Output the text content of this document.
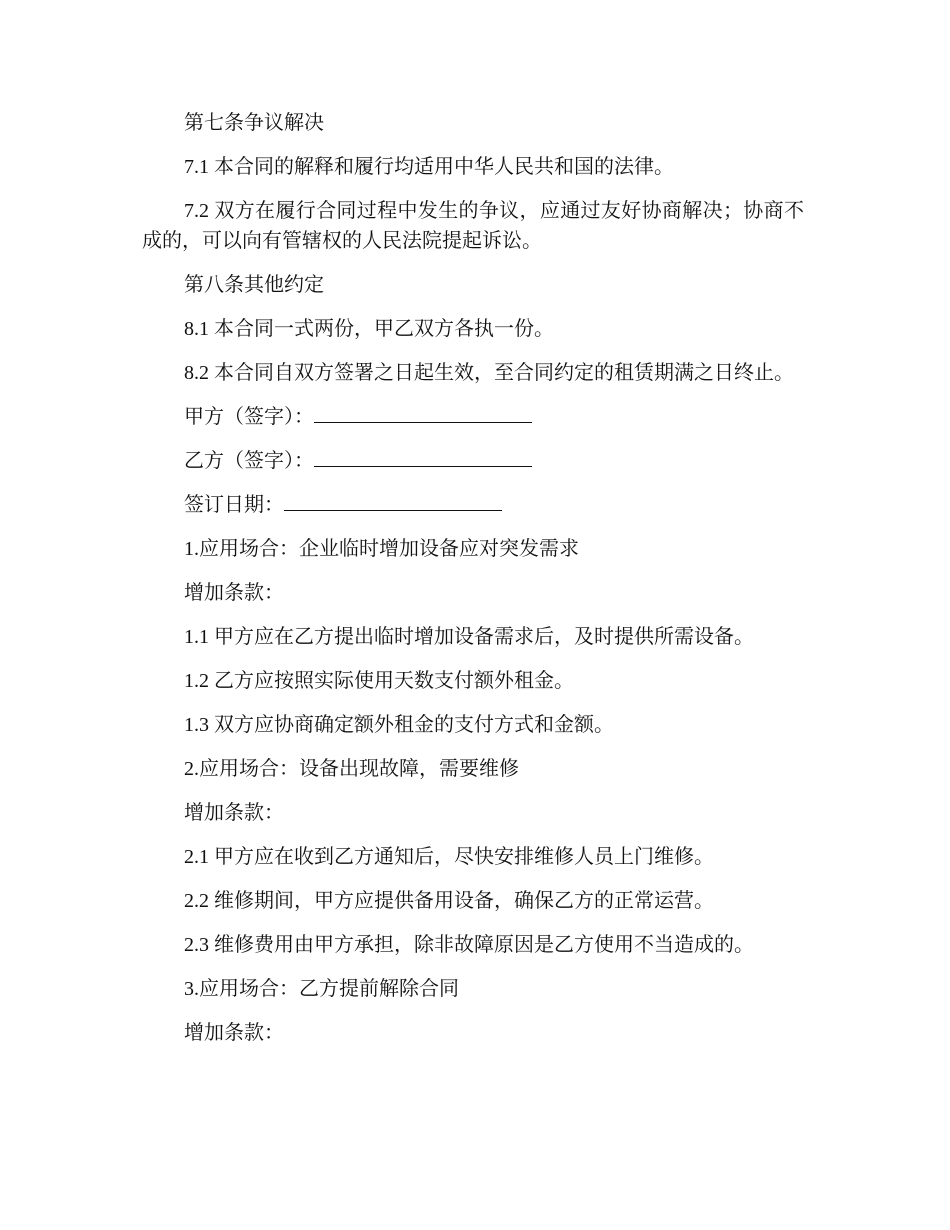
第七条争议解决

7.1 本合同的解释和履行均适用中华人民共和国的法律。

7.2 双方在履行合同过程中发生的争议，应通过友好协商解决；协商不成的，可以向有管辖权的人民法院提起诉讼。

第八条其他约定

8.1 本合同一式两份，甲乙双方各执一份。

8.2 本合同自双方签署之日起生效，至合同约定的租赁期满之日终止。

甲方（签字）：
乙方（签字）：
签订日期：

1.应用场合：企业临时增加设备应对突发需求

增加条款：

1.1 甲方应在乙方提出临时增加设备需求后，及时提供所需设备。

1.2 乙方应按照实际使用天数支付额外租金。

1.3 双方应协商确定额外租金的支付方式和金额。

2.应用场合：设备出现故障，需要维修

增加条款：

2.1 甲方应在收到乙方通知后，尽快安排维修人员上门维修。

2.2 维修期间，甲方应提供备用设备，确保乙方的正常运营。

2.3 维修费用由甲方承担，除非故障原因是乙方使用不当造成的。

3.应用场合：乙方提前解除合同

增加条款：
